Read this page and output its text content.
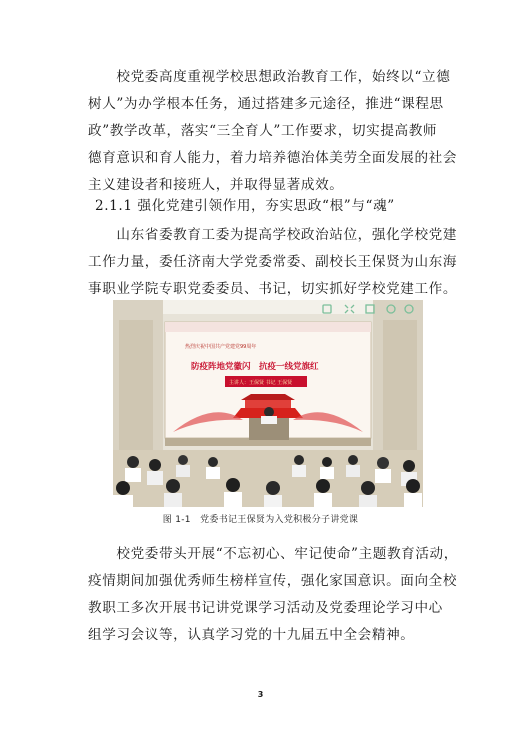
　　校党委高度重视学校思想政治教育工作，始终以“立德
树人”为办学根本任务，通过搭建多元途径，推进“课程思
政”教学改革，落实“三全育人”工作要求，切实提高教师
德育意识和育人能力，着力培养德治体美劳全面发展的社会
主义建设者和接班人，并取得显著成效。

2.1.1 强化党建引领作用，夯实思政“根”与“魂”

　　山东省委教育工委为提高学校政治站位，强化学校党建
工作力量，委任济南大学党委常委、副校长王保贤为山东海
事职业学院专职党委委员、书记，切实抓好学校党建工作。

热烈庆祝中国共产党建党99周年
防疫阵地党徽闪　抗疫一线党旗红
主讲人：王保贤 书记 王保贤
图 1-1　党委书记王保贤为入党积极分子讲党课

　　校党委带头开展“不忘初心、牢记使命”主题教育活动，
疫情期间加强优秀师生榜样宣传，强化家国意识。面向全校
教职工多次开展书记讲党课学习活动及党委理论学习中心
组学习会议等，认真学习党的十九届五中全会精神。

3
